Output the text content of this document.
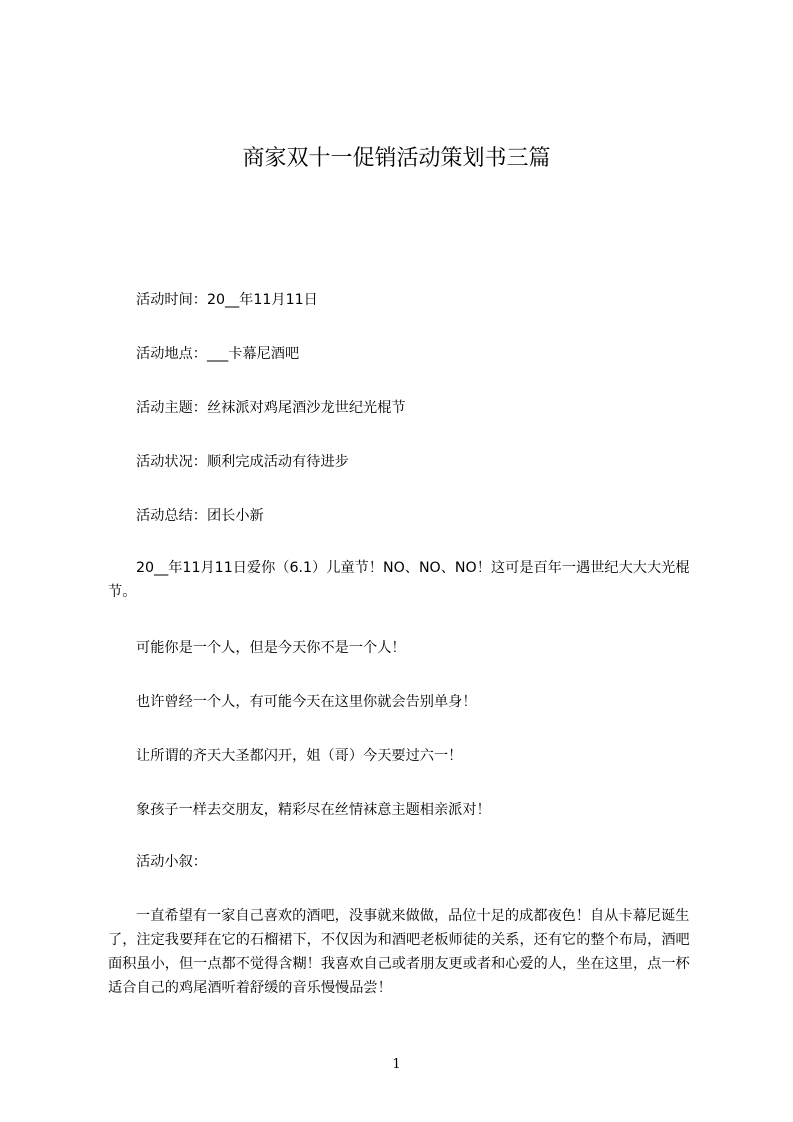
商家双十一促销活动策划书三篇
活动时间：20__年11月11日
活动地点：___卡幕尼酒吧
活动主题：丝袜派对鸡尾酒沙龙世纪光棍节
活动状况：顺利完成活动有待进步
活动总结：团长小新
20__年11月11日爱你（6.1）儿童节！NO、NO、NO！这可是百年一遇世纪大大大光棍节。
可能你是一个人，但是今天你不是一个人！
也许曾经一个人，有可能今天在这里你就会告别单身！
让所谓的齐天大圣都闪开，姐（哥）今天要过六一！
象孩子一样去交朋友，精彩尽在丝情袜意主题相亲派对！
活动小叙：
一直希望有一家自己喜欢的酒吧，没事就来做做，品位十足的成都夜色！自从卡幕尼诞生了，注定我要拜在它的石榴裙下，不仅因为和酒吧老板师徒的关系，还有它的整个布局，酒吧面积虽小，但一点都不觉得含糊！我喜欢自己或者朋友更或者和心爱的人，坐在这里，点一杯适合自己的鸡尾酒听着舒缓的音乐慢慢品尝！
1
